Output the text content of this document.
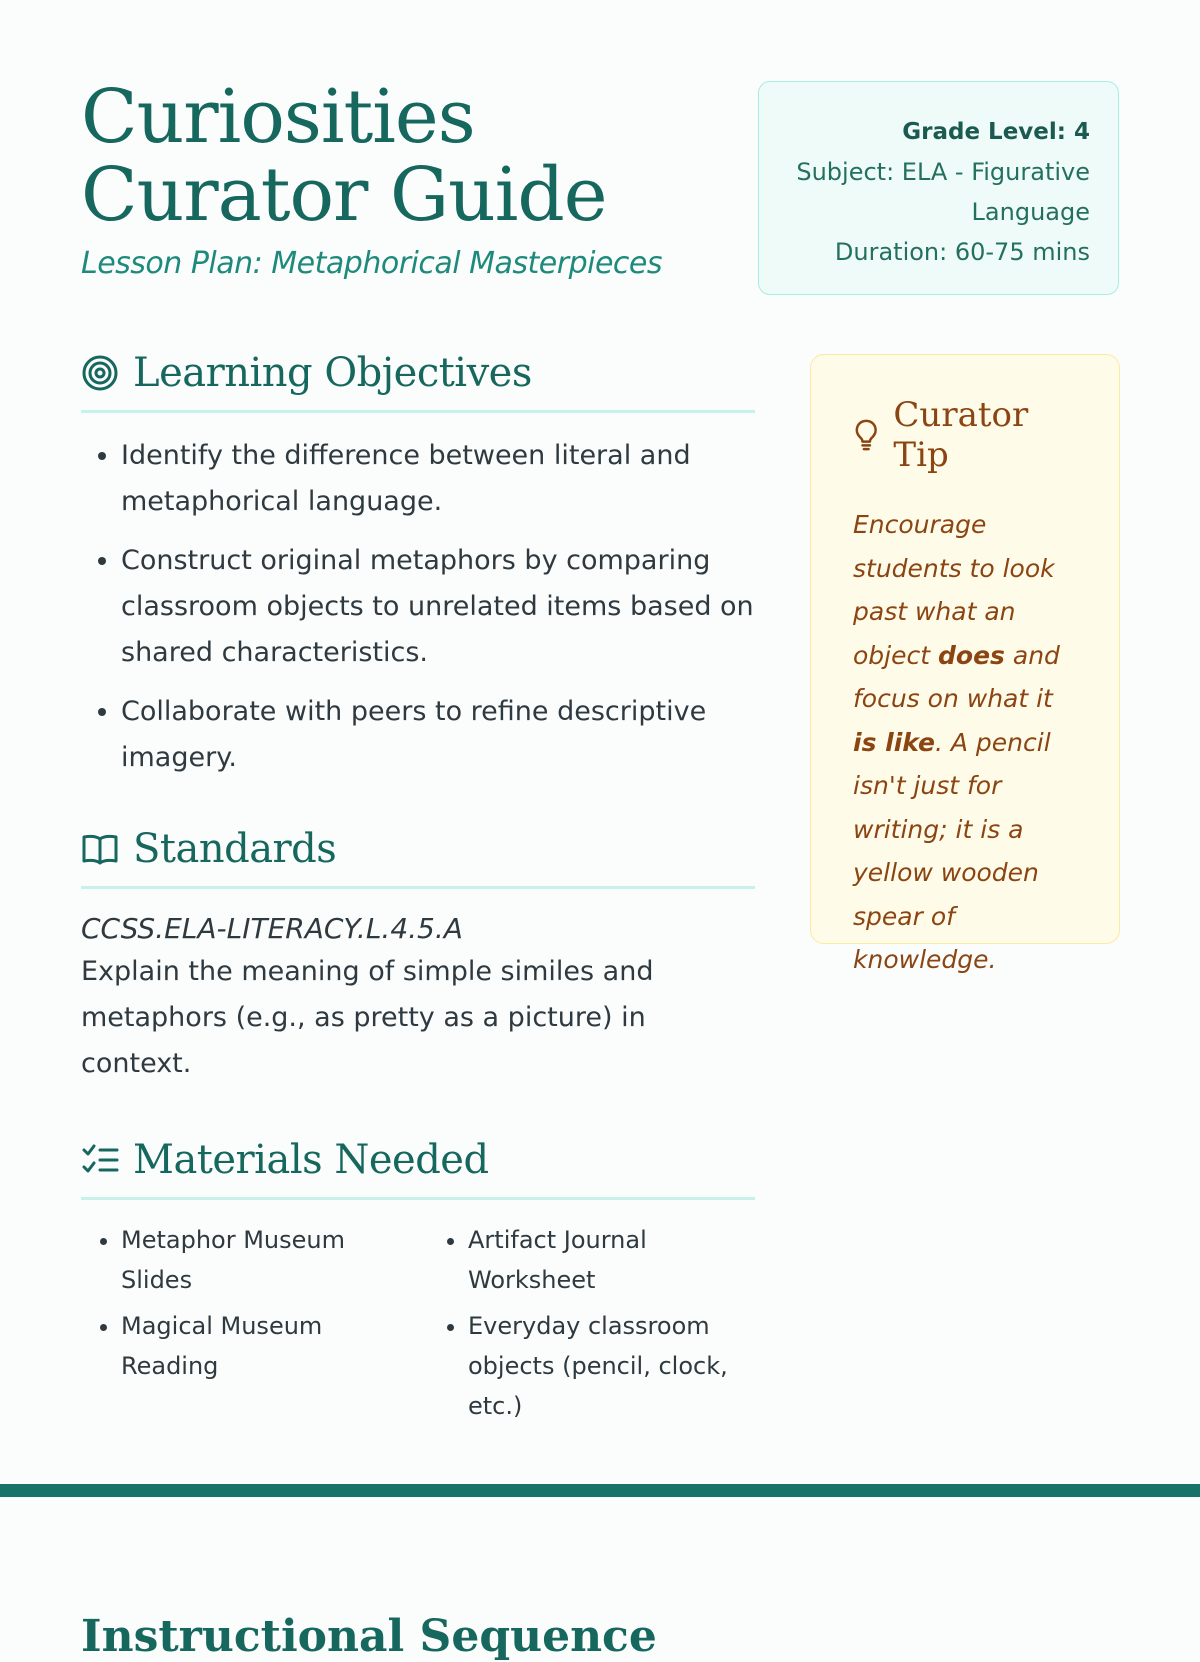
Curiosities
Curator Guide
Lesson Plan: Metaphorical Masterpieces
Grade Level: 4
Subject: ELA - Figurative
Language
Duration: 60-75 mins
Learning Objectives
• Identify the difference between literal and metaphorical language.
• Construct original metaphors by comparing classroom objects to unrelated items based on shared characteristics.
• Collaborate with peers to refine descriptive imagery.
Standards
CCSS.ELA-LITERACY.L.4.5.A
Explain the meaning of simple similes and metaphors (e.g., as pretty as a picture) in context.
Materials Needed
• Metaphor Museum Slides
• Magical Museum Reading
• Artifact Journal Worksheet
• Everyday classroom objects (pencil, clock, etc.)
Curator Tip
Encourage students to look past what an object does and focus on what it is like. A pencil isn't just for writing; it is a yellow wooden spear of knowledge.
Instructional Sequence
